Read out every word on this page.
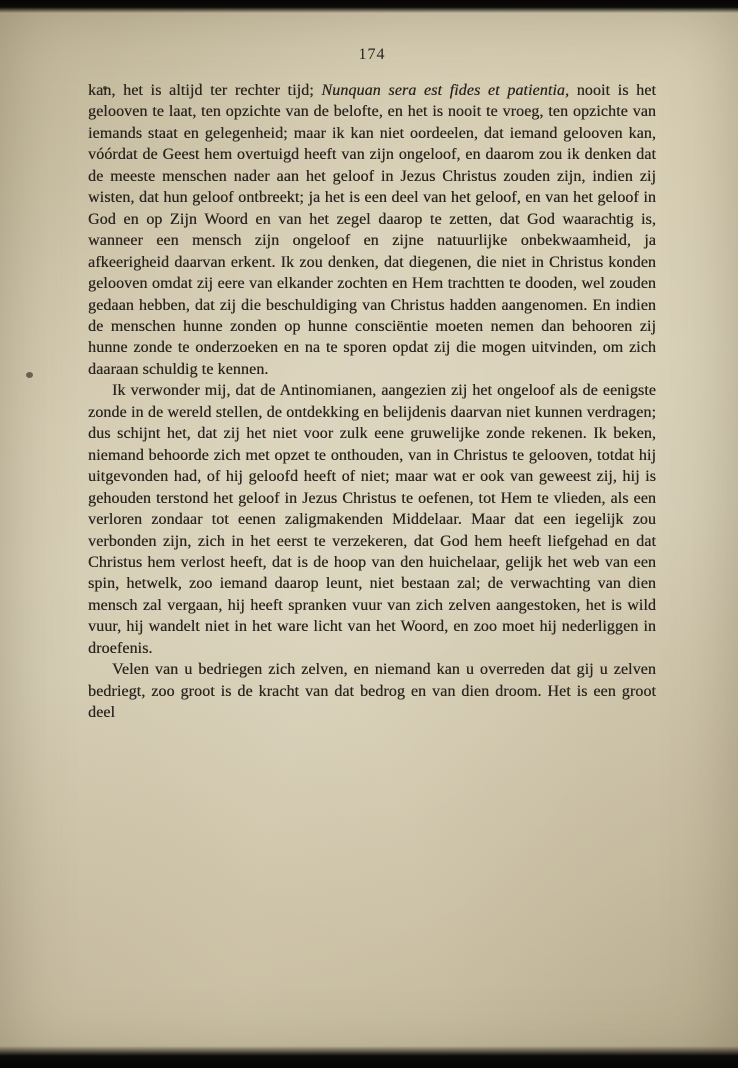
174

kan, het is altijd ter rechter tijd; Nunquan sera est fides et patientia, nooit is het gelooven te laat, ten opzichte van de belofte, en het is nooit te vroeg, ten opzichte van iemands staat en gelegenheid; maar ik kan niet oordeelen, dat iemand gelooven kan, vóórdat de Geest hem overtuigd heeft van zijn ongeloof, en daarom zou ik denken dat de meeste menschen nader aan het geloof in Jezus Christus zouden zijn, indien zij wisten, dat hun geloof ontbreekt; ja het is een deel van het geloof, en van het geloof in God en op Zijn Woord en van het zegel daarop te zetten, dat God waarachtig is, wanneer een mensch zijn ongeloof en zijne natuurlijke onbekwaamheid, ja afkeerigheid daarvan erkent. Ik zou denken, dat diegenen, die niet in Christus konden gelooven omdat zij eere van elkander zochten en Hem trachtten te dooden, wel zouden gedaan hebben, dat zij die beschuldiging van Christus hadden aangenomen. En indien de menschen hunne zonden op hunne consciëntie moeten nemen dan behooren zij hunne zonde te onderzoeken en na te sporen opdat zij die mogen uitvinden, om zich daaraan schuldig te kennen.

Ik verwonder mij, dat de Antinomianen, aangezien zij het ongeloof als de eenigste zonde in de wereld stellen, de ontdekking en belijdenis daarvan niet kunnen verdragen; dus schijnt het, dat zij het niet voor zulk eene gruwelijke zonde rekenen. Ik beken, niemand behoorde zich met opzet te onthouden, van in Christus te gelooven, totdat hij uitgevonden had, of hij geloofd heeft of niet; maar wat er ook van geweest zij, hij is gehouden terstond het geloof in Jezus Christus te oefenen, tot Hem te vlieden, als een verloren zondaar tot eenen zaligmakenden Middelaar. Maar dat een iegelijk zou verbonden zijn, zich in het eerst te verzekeren, dat God hem heeft liefgehad en dat Christus hem verlost heeft, dat is de hoop van den huichelaar, gelijk het web van een spin, hetwelk, zoo iemand daarop leunt, niet bestaan zal; de verwachting van dien mensch zal vergaan, hij heeft spranken vuur van zich zelven aangestoken, het is wild vuur, hij wandelt niet in het ware licht van het Woord, en zoo moet hij nederliggen in droefenis.

Velen van u bedriegen zich zelven, en niemand kan u overreden dat gij u zelven bedriegt, zoo groot is de kracht van dat bedrog en van dien droom. Het is een groot deel
